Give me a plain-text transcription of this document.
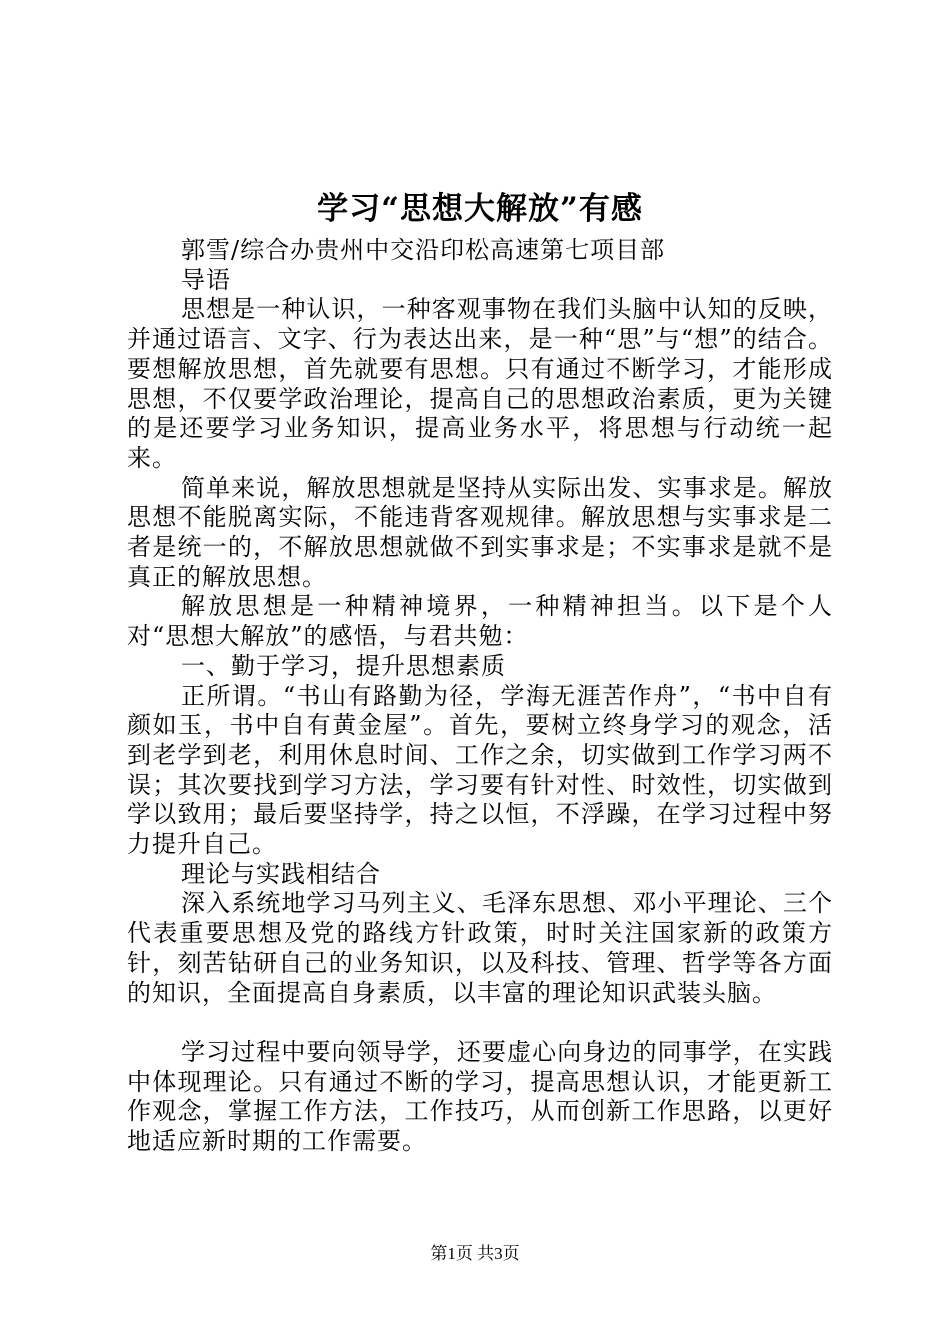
学习“思想大解放”有感

郭雪/综合办贵州中交沿印松高速第七项目部

导语

思想是一种认识，一种客观事物在我们头脑中认知的反映，并通过语言、文字、行为表达出来，是一种“思”与“想”的结合。要想解放思想，首先就要有思想。只有通过不断学习，才能形成思想，不仅要学政治理论，提高自己的思想政治素质，更为关键的是还要学习业务知识，提高业务水平，将思想与行动统一起来。

简单来说，解放思想就是坚持从实际出发、实事求是。解放思想不能脱离实际，不能违背客观规律。解放思想与实事求是二者是统一的，不解放思想就做不到实事求是；不实事求是就不是真正的解放思想。

解放思想是一种精神境界，一种精神担当。以下是个人对“思想大解放”的感悟，与君共勉：

一、勤于学习，提升思想素质

正所谓。“书山有路勤为径，学海无涯苦作舟”，“书中自有颜如玉，书中自有黄金屋”。首先，要树立终身学习的观念，活到老学到老，利用休息时间、工作之余，切实做到工作学习两不误；其次要找到学习方法，学习要有针对性、时效性，切实做到学以致用；最后要坚持学，持之以恒，不浮躁，在学习过程中努力提升自己。

理论与实践相结合

深入系统地学习马列主义、毛泽东思想、邓小平理论、三个代表重要思想及党的路线方针政策，时时关注国家新的政策方针，刻苦钻研自己的业务知识，以及科技、管理、哲学等各方面的知识，全面提高自身素质，以丰富的理论知识武装头脑。

学习过程中要向领导学，还要虚心向身边的同事学，在实践中体现理论。只有通过不断的学习，提高思想认识，才能更新工作观念，掌握工作方法，工作技巧，从而创新工作思路，以更好地适应新时期的工作需要。

第1页 共3页
